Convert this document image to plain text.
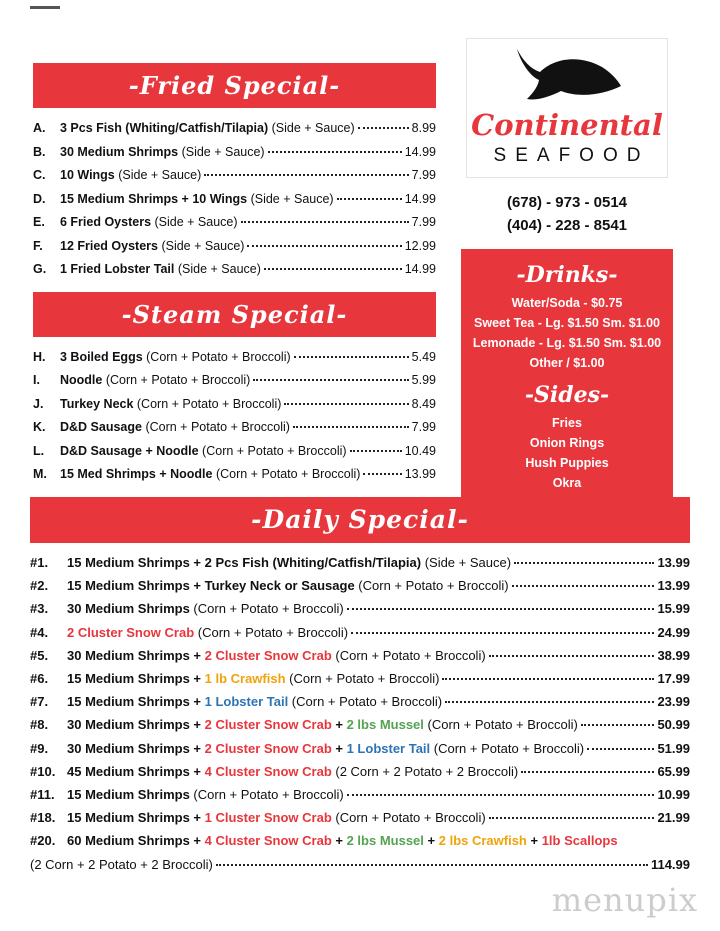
-Fried Special-
A.	3 Pcs Fish (Whiting/Catfish/Tilapia) (Side + Sauce)	8.99
B.	30 Medium Shrimps (Side + Sauce)	14.99
C.	10 Wings (Side + Sauce)	7.99
D.	15 Medium Shrimps + 10 Wings (Side + Sauce)	14.99
E.	6 Fried Oysters (Side + Sauce)	7.99
F.	12 Fried Oysters (Side + Sauce)	12.99
G.	1 Fried Lobster Tail (Side + Sauce)	14.99
-Steam Special-
H.	3 Boiled Eggs (Corn + Potato + Broccoli)	5.49
I.	Noodle (Corn + Potato + Broccoli)	5.99
J.	Turkey Neck (Corn + Potato + Broccoli)	8.49
K.	D&D Sausage (Corn + Potato + Broccoli)	7.99
L.	D&D Sausage + Noodle (Corn + Potato + Broccoli)	10.49
M.	15 Med Shrimps + Noodle (Corn + Potato + Broccoli)	13.99
Continental
SEAFOOD
(678) - 973 - 0514
(404) - 228 - 8541
-Drinks-
Water/Soda - $0.75
Sweet Tea - Lg. $1.50 Sm. $1.00
Lemonade - Lg. $1.50 Sm. $1.00
Other / $1.00
-Sides-
Fries
Onion Rings
Hush Puppies
Okra
-Daily Special-
#1.	15 Medium Shrimps + 2 Pcs Fish (Whiting/Catfish/Tilapia) (Side + Sauce)	13.99
#2.	15 Medium Shrimps + Turkey Neck or Sausage (Corn + Potato + Broccoli)	13.99
#3.	30 Medium Shrimps (Corn + Potato + Broccoli)	15.99
#4.	2 Cluster Snow Crab (Corn + Potato + Broccoli)	24.99
#5.	30 Medium Shrimps + 2 Cluster Snow Crab (Corn + Potato + Broccoli)	38.99
#6.	15 Medium Shrimps + 1 lb Crawfish (Corn + Potato + Broccoli)	17.99
#7.	15 Medium Shrimps + 1 Lobster Tail (Corn + Potato + Broccoli)	23.99
#8.	30 Medium Shrimps + 2 Cluster Snow Crab + 2 lbs Mussel (Corn + Potato + Broccoli)	50.99
#9.	30 Medium Shrimps + 2 Cluster Snow Crab + 1 Lobster Tail (Corn + Potato + Broccoli)	51.99
#10. 45 Medium Shrimps + 4 Cluster Snow Crab (2 Corn + 2 Potato + 2 Broccoli)	65.99
#11. 15 Medium Shrimps (Corn + Potato + Broccoli)	10.99
#18. 15 Medium Shrimps + 1 Cluster Snow Crab (Corn + Potato + Broccoli)	21.99
#20. 60 Medium Shrimps + 4 Cluster Snow Crab + 2 lbs Mussel + 2 lbs Crawfish + 1lb Scallops
(2 Corn + 2 Potato + 2 Broccoli)	114.99
menupix
